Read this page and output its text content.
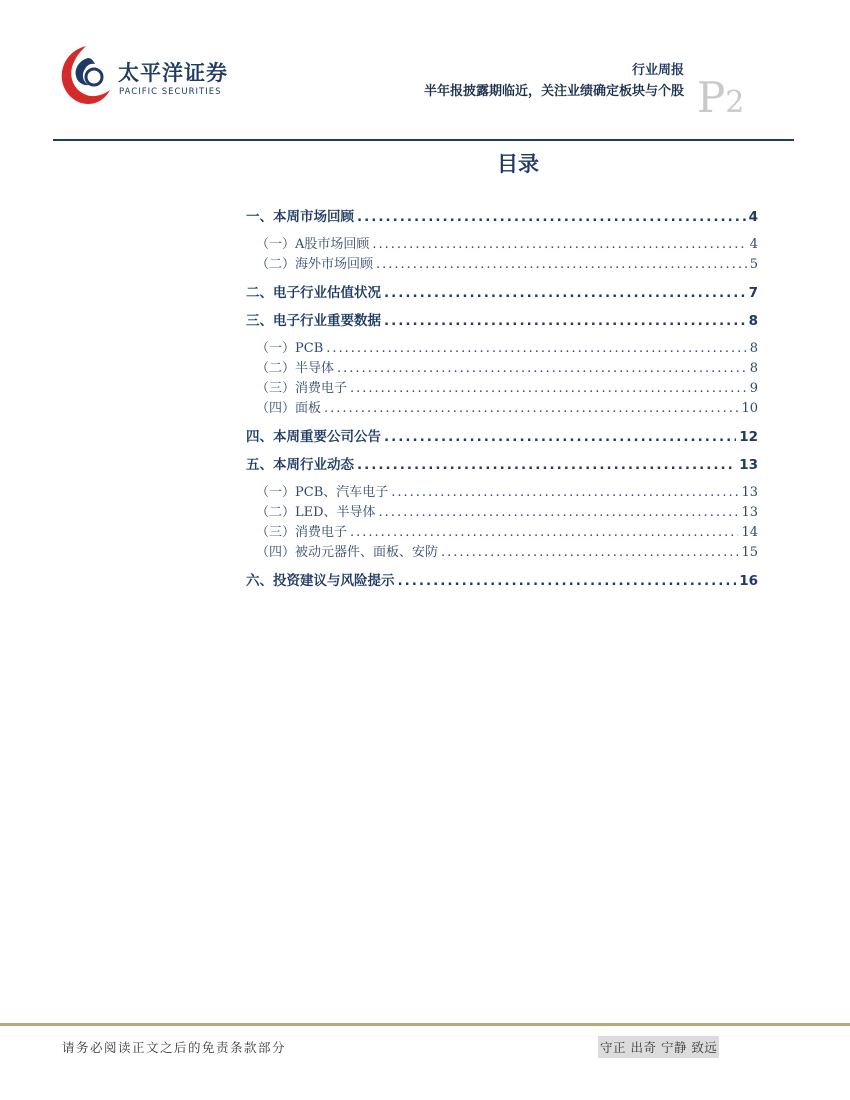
太平洋证券
PACIFIC SECURITIES
行业周报
半年报披露期临近，关注业绩确定板块与个股 P2
目录
一、本周市场回顾 .....	4
（一）A股市场回顾 .....	4
（二）海外市场回顾 .....	5
二、电子行业估值状况 .....	7
三、电子行业重要数据 .....	8
（一）PCB .....	8
（二）半导体 .....	8
（三）消费电子 .....	9
（四）面板 .....	10
四、本周重要公司公告 .....	12
五、本周行业动态 .....	13
（一）PCB、汽车电子 .....	13
（二）LED、半导体 .....	13
（三）消费电子 .....	14
（四）被动元器件、面板、安防 .....	15
六、投资建议与风险提示 .....	16
请务必阅读正文之后的免责条款部分	守正 出奇 宁静 致远
